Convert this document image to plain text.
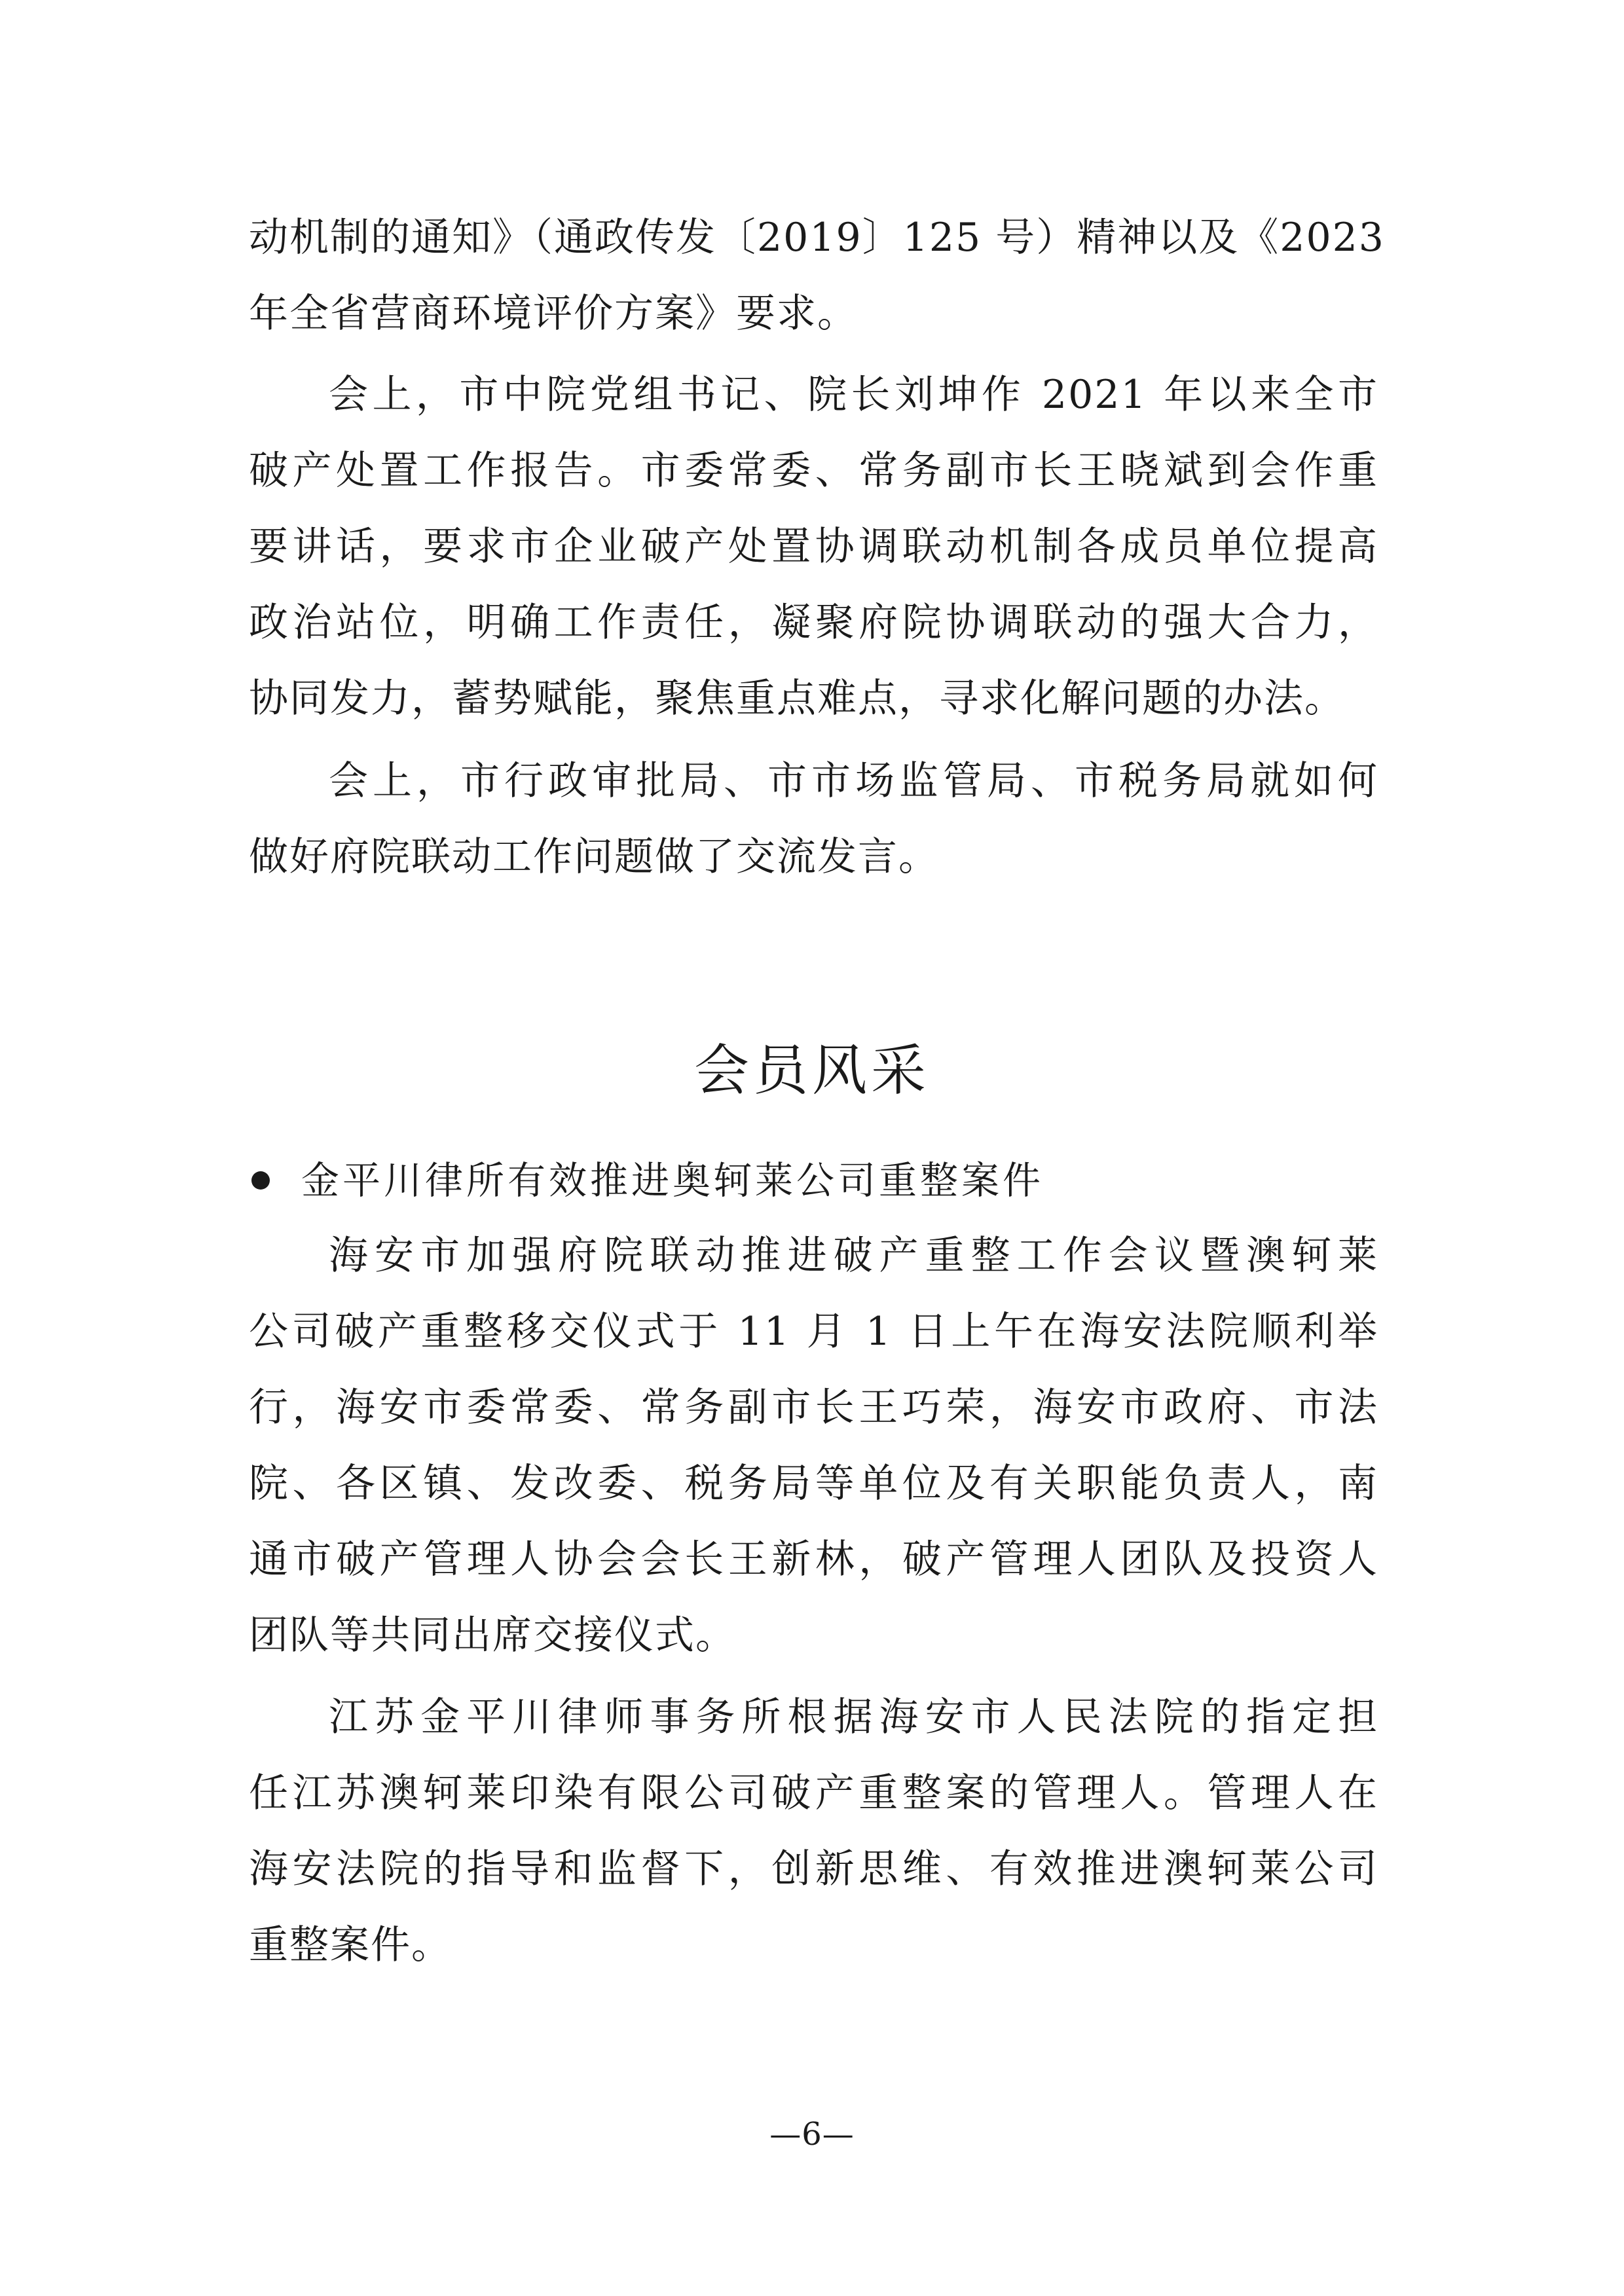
动机制的通知》（通政传发〔2019〕125 号）精神以及《2023
年全省营商环境评价方案》要求。
会上，市中院党组书记、院长刘坤作 2021 年以来全市
破产处置工作报告。市委常委、常务副市长王晓斌到会作重
要讲话，要求市企业破产处置协调联动机制各成员单位提高
政治站位，明确工作责任，凝聚府院协调联动的强大合力，
协同发力，蓄势赋能，聚焦重点难点，寻求化解问题的办法。
会上，市行政审批局、市市场监管局、市税务局就如何
做好府院联动工作问题做了交流发言。
会员风采
金平川律所有效推进奥轲莱公司重整案件
海安市加强府院联动推进破产重整工作会议暨澳轲莱
公司破产重整移交仪式于 11 月 1 日上午在海安法院顺利举
行，海安市委常委、常务副市长王巧荣，海安市政府、市法
院、各区镇、发改委、税务局等单位及有关职能负责人，南
通市破产管理人协会会长王新林，破产管理人团队及投资人
团队等共同出席交接仪式。
江苏金平川律师事务所根据海安市人民法院的指定担
任江苏澳轲莱印染有限公司破产重整案的管理人。管理人在
海安法院的指导和监督下，创新思维、有效推进澳轲莱公司
重整案件。
—6—
